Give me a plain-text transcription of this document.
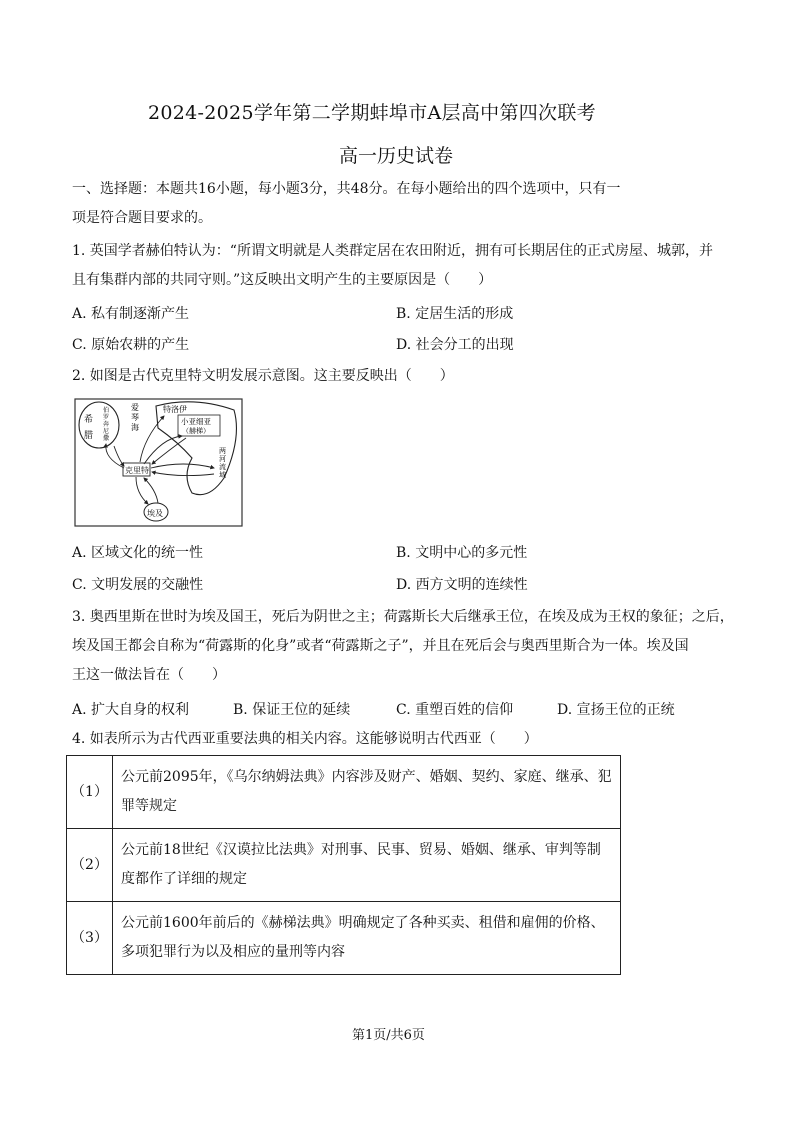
2024-2025学年第二学期蚌埠市A层高中第四次联考
高一历史试卷
一、选择题：本题共16小题，每小题3分，共48分。在每小题给出的四个选项中，只有一
项是符合题目要求的。
1. 英国学者赫伯特认为：“所谓文明就是人类群定居在农田附近，拥有可长期居住的正式房屋、城郭，并
且有集群内部的共同守则。”这反映出文明产生的主要原因是（　　）
A. 私有制逐渐产生	B. 定居生活的形成
C. 原始农耕的产生	D. 社会分工的出现
2. 如图是古代克里特文明发展示意图。这主要反映出（　　）
希
腊
伯
罗
奔
尼
撒
爱
琴
海
特洛伊
小亚细亚
（赫梯）
两
河
流
域
克里特
埃及
A. 区域文化的统一性	B. 文明中心的多元性
C. 文明发展的交融性	D. 西方文明的连续性
3. 奥西里斯在世时为埃及国王，死后为阴世之主；荷露斯长大后继承王位，在埃及成为王权的象征；之后，
埃及国王都会自称为“荷露斯的化身”或者“荷露斯之子”，并且在死后会与奥西里斯合为一体。埃及国
王这一做法旨在（　　）
A. 扩大自身的权利	B. 保证王位的延续	C. 重塑百姓的信仰	D. 宣扬王位的正统
4. 如表所示为古代西亚重要法典的相关内容。这能够说明古代西亚（　　）
（1）	公元前2095年，《乌尔纳姆法典》内容涉及财产、婚姻、契约、家庭、继承、犯罪等规定
（2）	公元前18世纪《汉谟拉比法典》对刑事、民事、贸易、婚姻、继承、审判等制度都作了详细的规定
（3）	公元前1600年前后的《赫梯法典》明确规定了各种买卖、租借和雇佣的价格、多项犯罪行为以及相应的量刑等内容
第1页/共6页
